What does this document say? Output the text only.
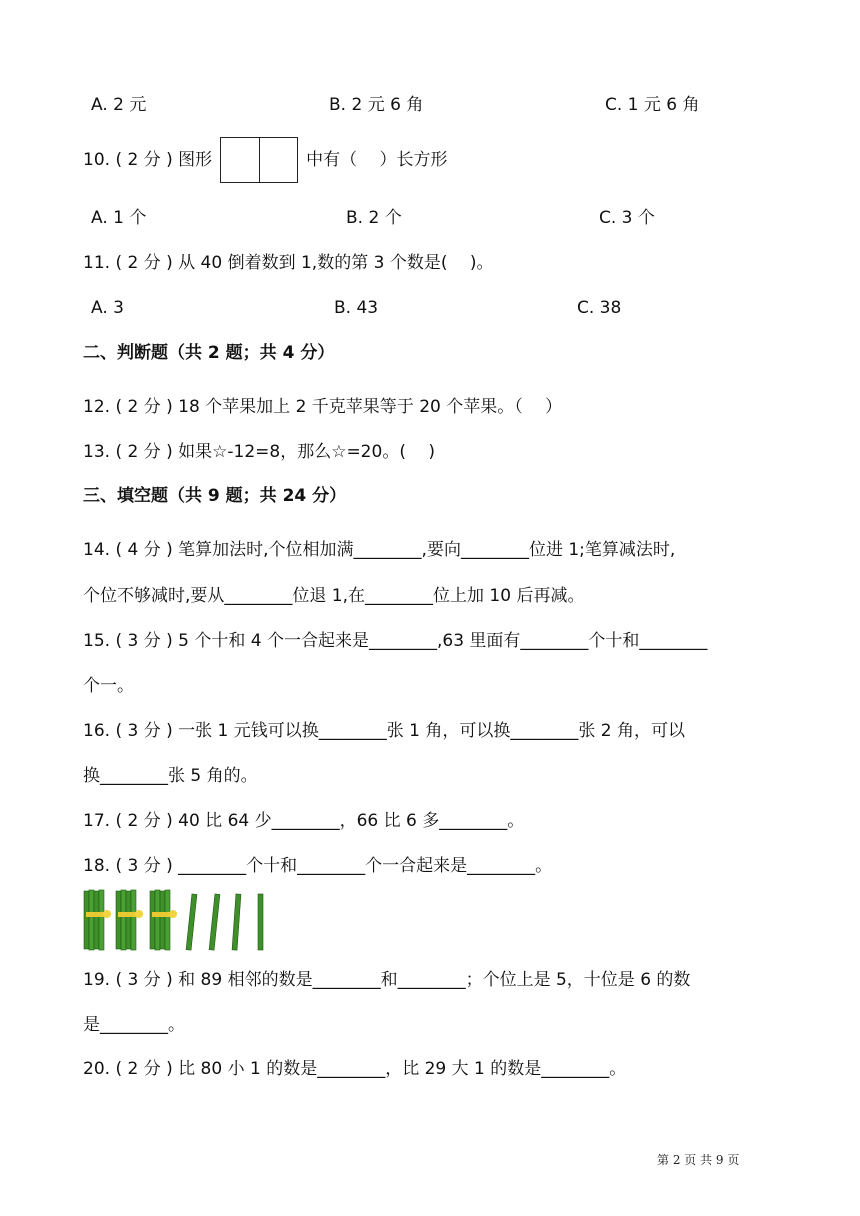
A. 2 元	B. 2 元 6 角	C. 1 元 6 角
10. ( 2 分 ) 图形	中有（　 ）长方形
A. 1 个	B. 2 个	C. 3 个
11. ( 2 分 ) 从 40 倒着数到 1,数的第 3 个数是(　 )。
A. 3	B. 43	C. 38
二、判断题（共 2 题；共 4 分）
12. ( 2 分 ) 18 个苹果加上 2 千克苹果等于 20 个苹果。（　 ）
13. ( 2 分 ) 如果☆-12=8，那么☆=20。(　 )
三、填空题（共 9 题；共 24 分）
14. ( 4 分 ) 笔算加法时,个位相加满________,要向________位进 1;笔算减法时,
个位不够减时,要从________位退 1,在________位上加 10 后再减。
15. ( 3 分 ) 5 个十和 4 个一合起来是________,63 里面有________个十和________
个一。
16. ( 3 分 ) 一张 1 元钱可以换________张 1 角，可以换________张 2 角，可以
换________张 5 角的。
17. ( 2 分 ) 40 比 64 少________，66 比 6 多________。
18. ( 3 分 ) ________个十和________个一合起来是________。
19. ( 3 分 ) 和 89 相邻的数是________和________；个位上是 5，十位是 6 的数
是________。
20. ( 2 分 ) 比 80 小 1 的数是________，比 29 大 1 的数是________。
第 2 页 共 9 页
